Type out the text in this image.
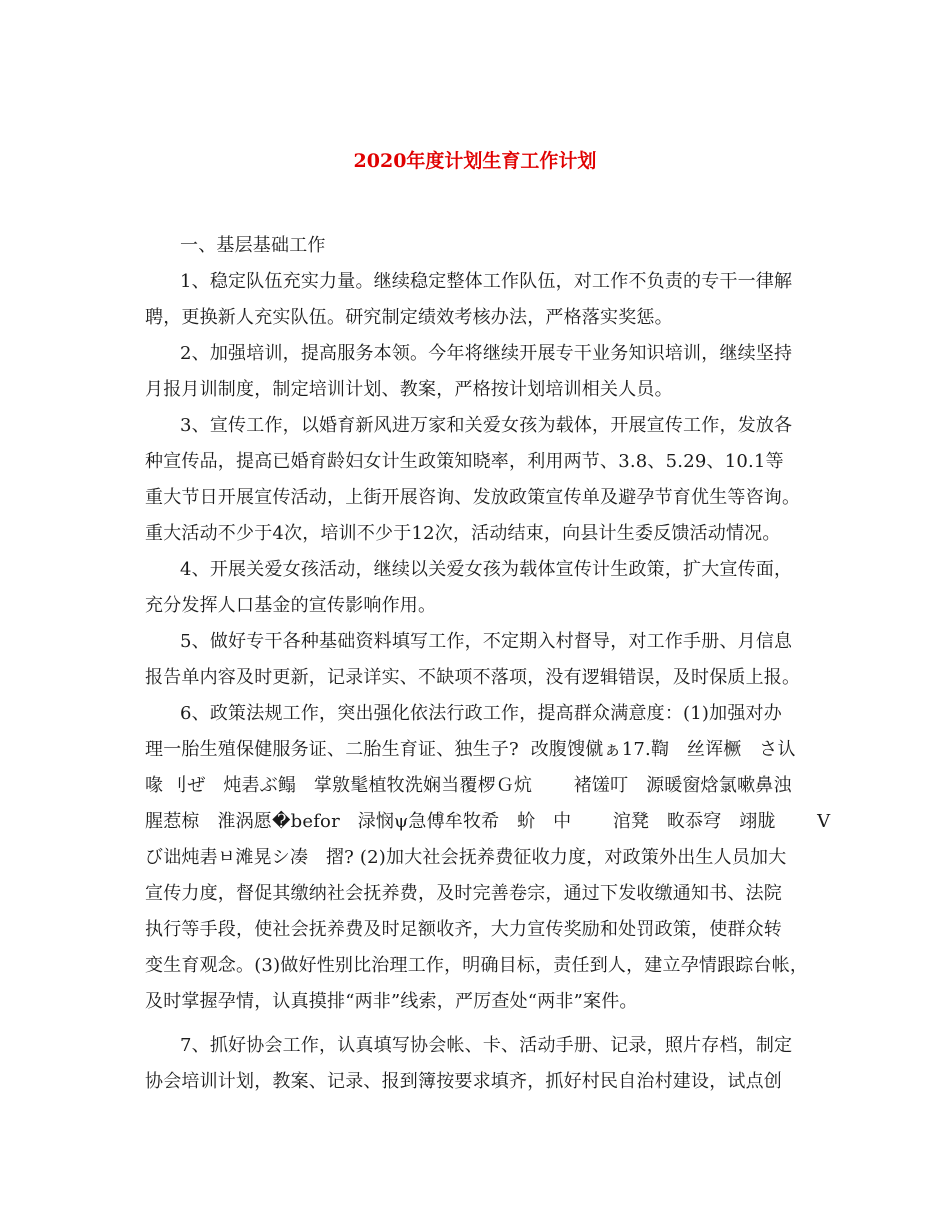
2020年度计划生育工作计划
一、基层基础工作
1、稳定队伍充实力量。继续稳定整体工作队伍，对工作不负责的专干一律解
聘，更换新人充实队伍。研究制定绩效考核办法，严格落实奖惩。
2、加强培训，提高服务本领。今年将继续开展专干业务知识培训，继续坚持
月报月训制度，制定培训计划、教案，严格按计划培训相关人员。
3、宣传工作，以婚育新风进万家和关爱女孩为载体，开展宣传工作，发放各
种宣传品，提高已婚育龄妇女计生政策知晓率，利用两节、3.8、5.29、10.1等
重大节日开展宣传活动，上街开展咨询、发放政策宣传单及避孕节育优生等咨询。
重大活动不少于4次，培训不少于12次，活动结束，向县计生委反馈活动情况。
4、开展关爱女孩活动，继续以关爱女孩为载体宣传计生政策，扩大宣传面，
充分发挥人口基金的宣传影响作用。
5、做好专干各种基础资料填写工作，不定期入村督导，对工作手册、月信息
报告单内容及时更新，记录详实、不缺项不落项，没有逻辑错误，及时保质上报。
6、政策法规工作，突出强化依法行政工作，提高群众满意度：(1)加强对办
理一胎生殖保健服务证、二胎生育证、独生子?  改腹馊僦ぁ17.鞫   丝诨橛   さ认
喙 刂ぜ   炖砉ぶ鳎   掌敫髦植牧洗娴当覆椤Ｇ炕       褚馐叮   源暖窗焓氯嗽鼻浊
腥惹椋   淮涡愿�befor   渌悯ψ急傅牟牧希   蚧   中       涫凳   畋忝穹   翊胧       V
び诎炖砉ㅂ滩晃シ凑   摺? (2)加大社会抚养费征收力度，对政策外出生人员加大
宣传力度，督促其缴纳社会抚养费，及时完善卷宗，通过下发收缴通知书、法院
执行等手段，使社会抚养费及时足额收齐，大力宣传奖励和处罚政策，使群众转
变生育观念。(3)做好性别比治理工作，明确目标，责任到人，建立孕情跟踪台帐，
及时掌握孕情，认真摸排“两非”线索，严厉查处“两非”案件。
7、抓好协会工作，认真填写协会帐、卡、活动手册、记录，照片存档，制定
协会培训计划，教案、记录、报到簿按要求填齐，抓好村民自治村建设，试点创
